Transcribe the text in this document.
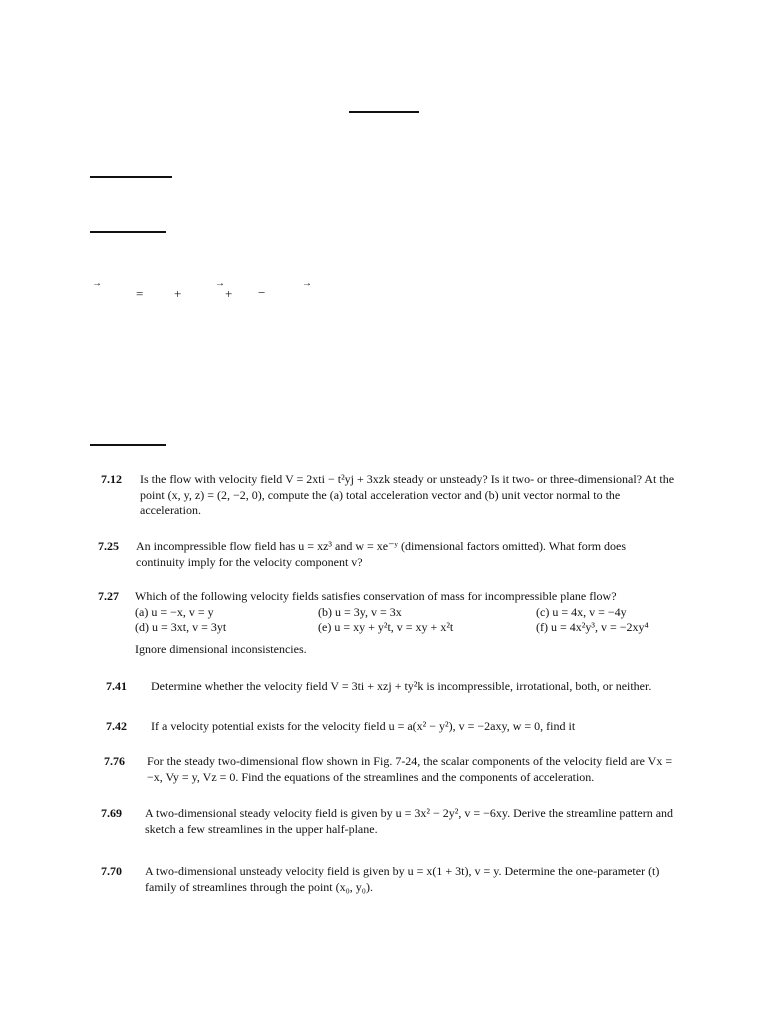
→
= +
→
+ −
→
7.12 Is the flow with velocity field V = 2xti − t²yj + 3xzk steady or unsteady? Is it two- or three-dimensional? At the point (x, y, z) = (2, −2, 0), compute the (a) total acceleration vector and (b) unit vector normal to the acceleration.
7.25 An incompressible flow field has u = xz³ and w = xe⁻ʸ (dimensional factors omitted). What form does continuity imply for the velocity component v?
7.27 Which of the following velocity fields satisfies conservation of mass for incompressible plane flow?
(a) u = −x, v = y	(b) u = 3y, v = 3x	(c) u = 4x, v = −4y
(d) u = 3xt, v = 3yt	(e) u = xy + y²t, v = xy + x²t	(f) u = 4x²y³, v = −2xy⁴
Ignore dimensional inconsistencies.
7.41 Determine whether the velocity field V = 3ti + xzj + ty²k is incompressible, irrotational, both, or neither.
7.42 If a velocity potential exists for the velocity field u = a(x² − y²), v = −2axy, w = 0, find it
7.76 For the steady two-dimensional flow shown in Fig. 7-24, the scalar components of the velocity field are Vx = −x, Vy = y, Vz = 0. Find the equations of the streamlines and the components of acceleration.
7.69 A two-dimensional steady velocity field is given by u = 3x² − 2y², v = −6xy. Derive the streamline pattern and sketch a few streamlines in the upper half-plane.
7.70 A two-dimensional unsteady velocity field is given by u = x(1 + 3t), v = y. Determine the one-parameter (t) family of streamlines through the point (x₀, y₀).
